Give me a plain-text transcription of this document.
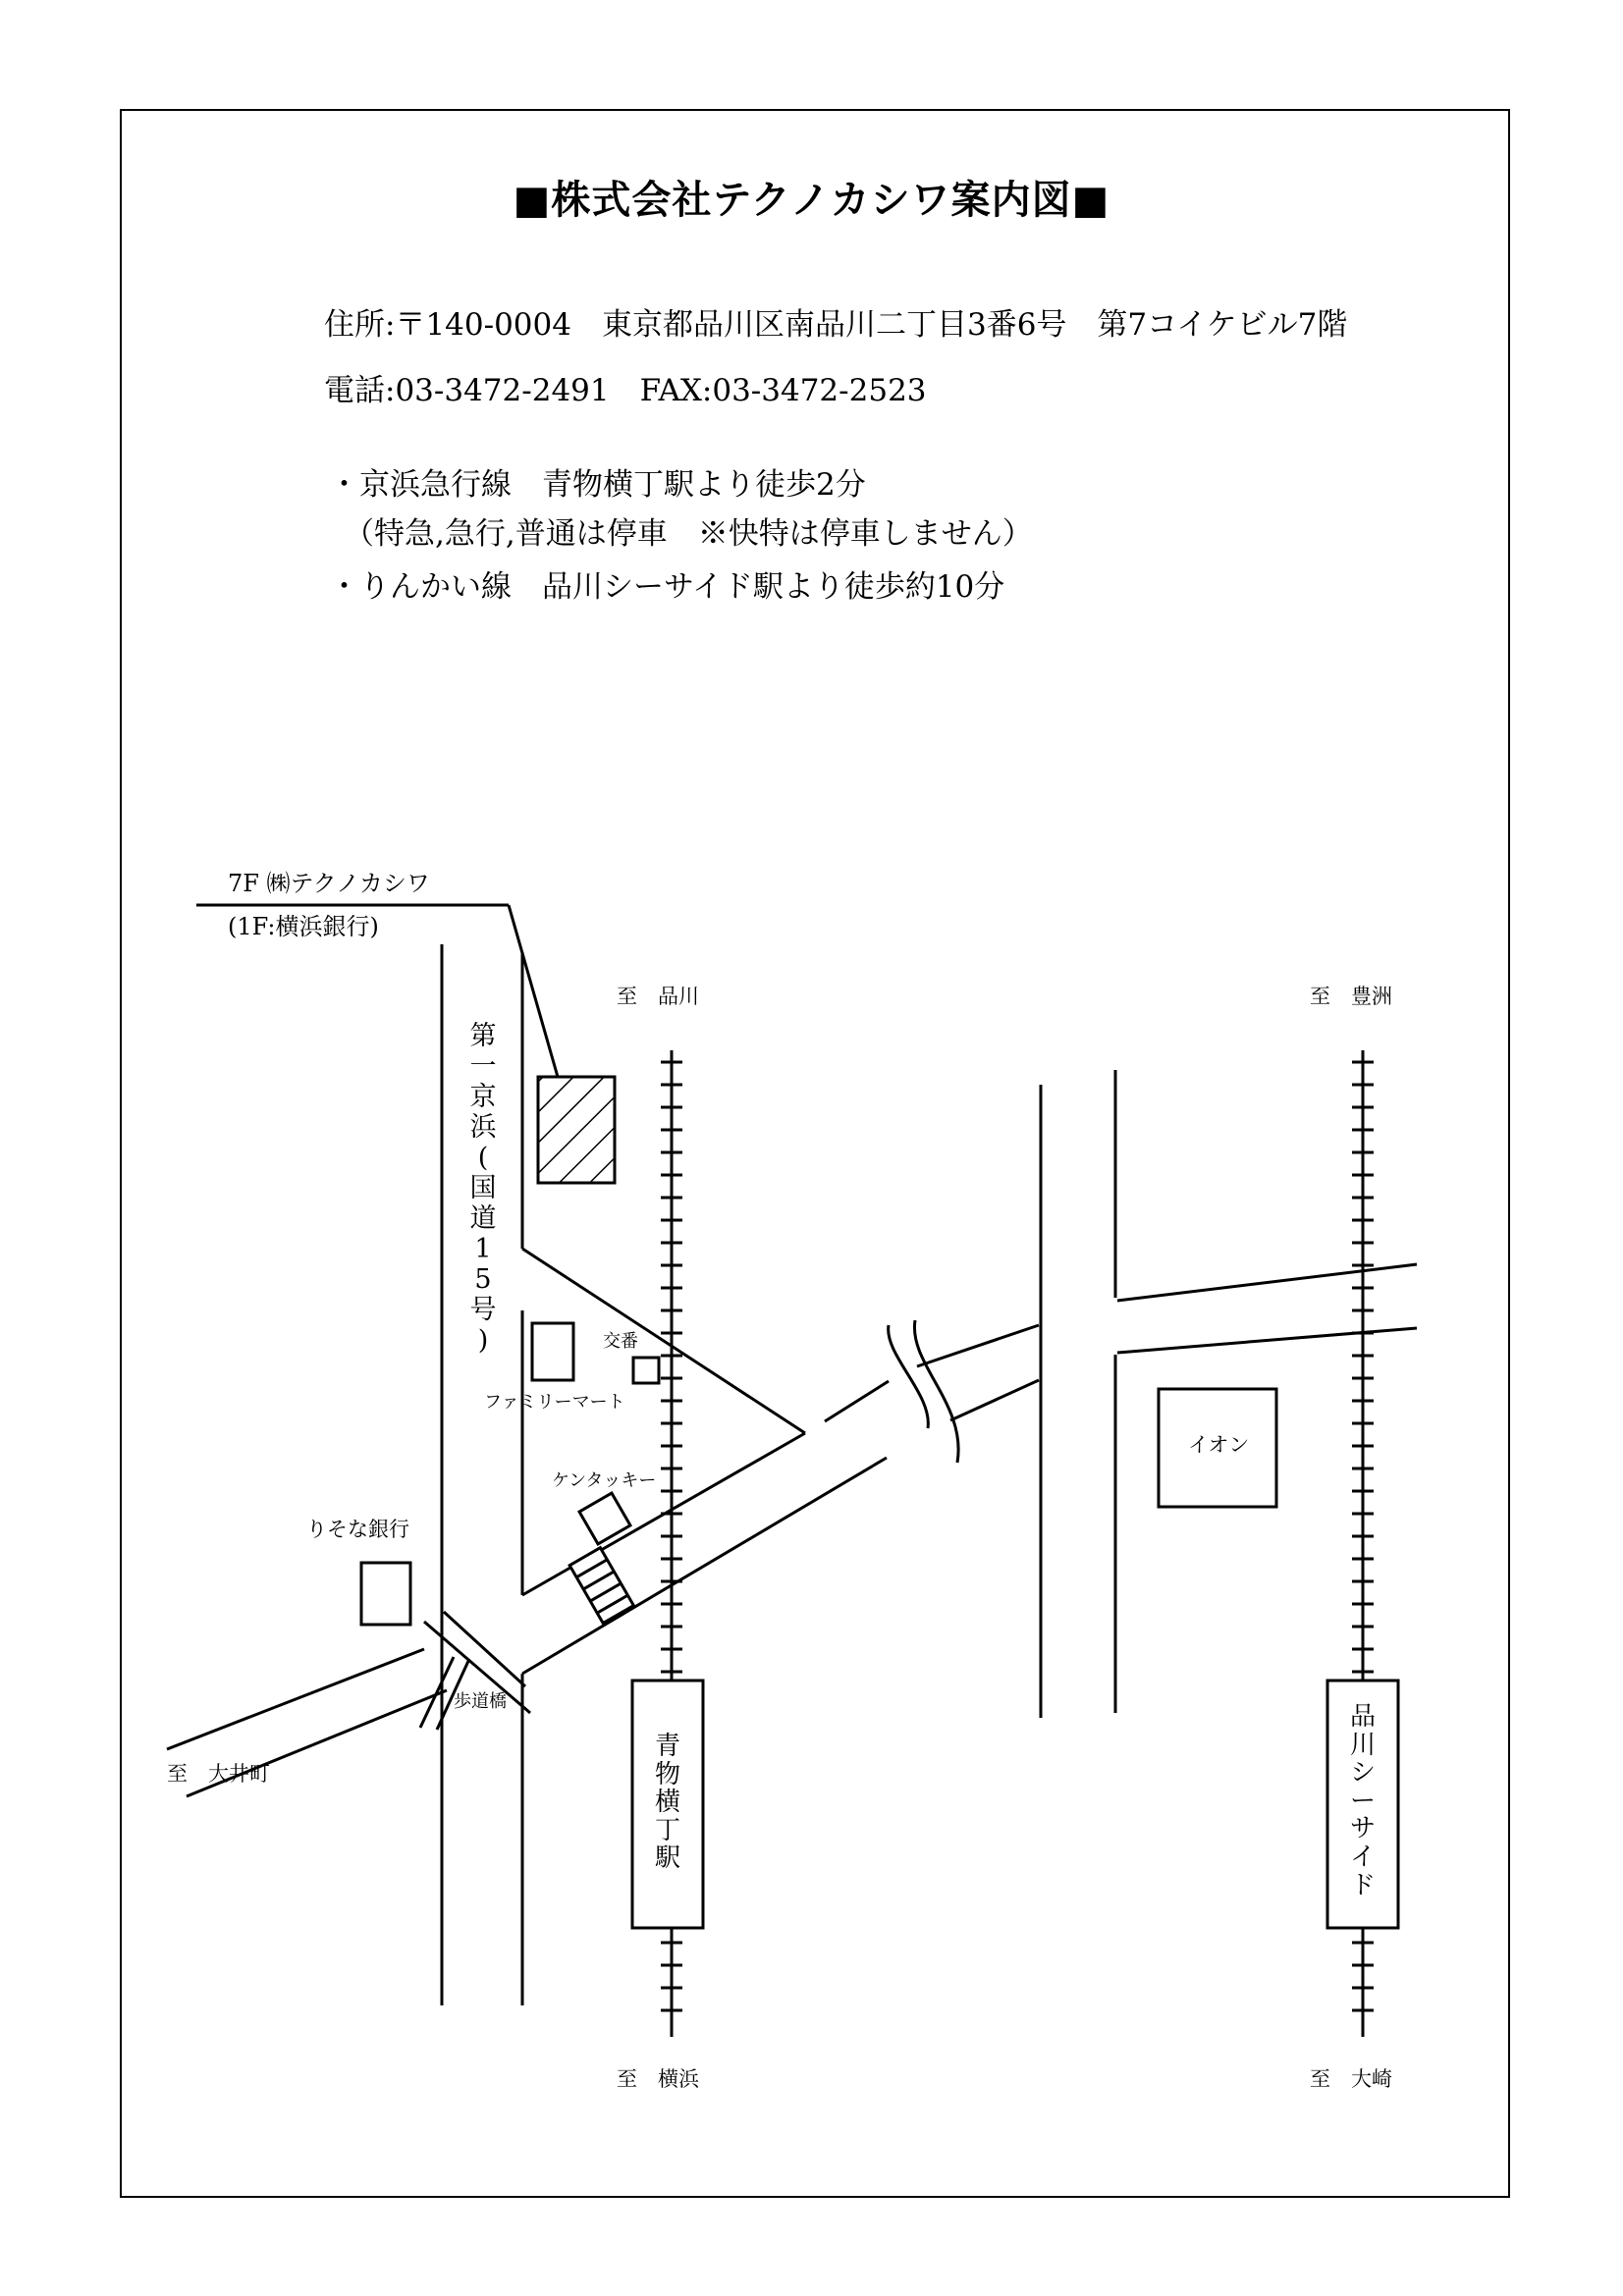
■株式会社テクノカシワ案内図■
住所:〒140-0004　東京都品川区南品川二丁目3番6号　第7コイケビル7階
電話:03-3472-2491　FAX:03-3472-2523
・京浜急行線　青物横丁駅より徒歩2分
（特急,急行,普通は停車　※快特は停車しません）
・りんかい線　品川シーサイド駅より徒歩約10分
7F ㈱テクノカシワ
(1F:横浜銀行)
第
一
京
浜
(
国
道
1
5
号
)
至　品川	至　豊洲
至　横浜	至　大崎
至　大井町
交番
ファミリーマート
ケンタッキー
りそな銀行
歩道橋
イオン
青
物
横
丁
駅
品
川
シ
ー
サ
イ
ド
